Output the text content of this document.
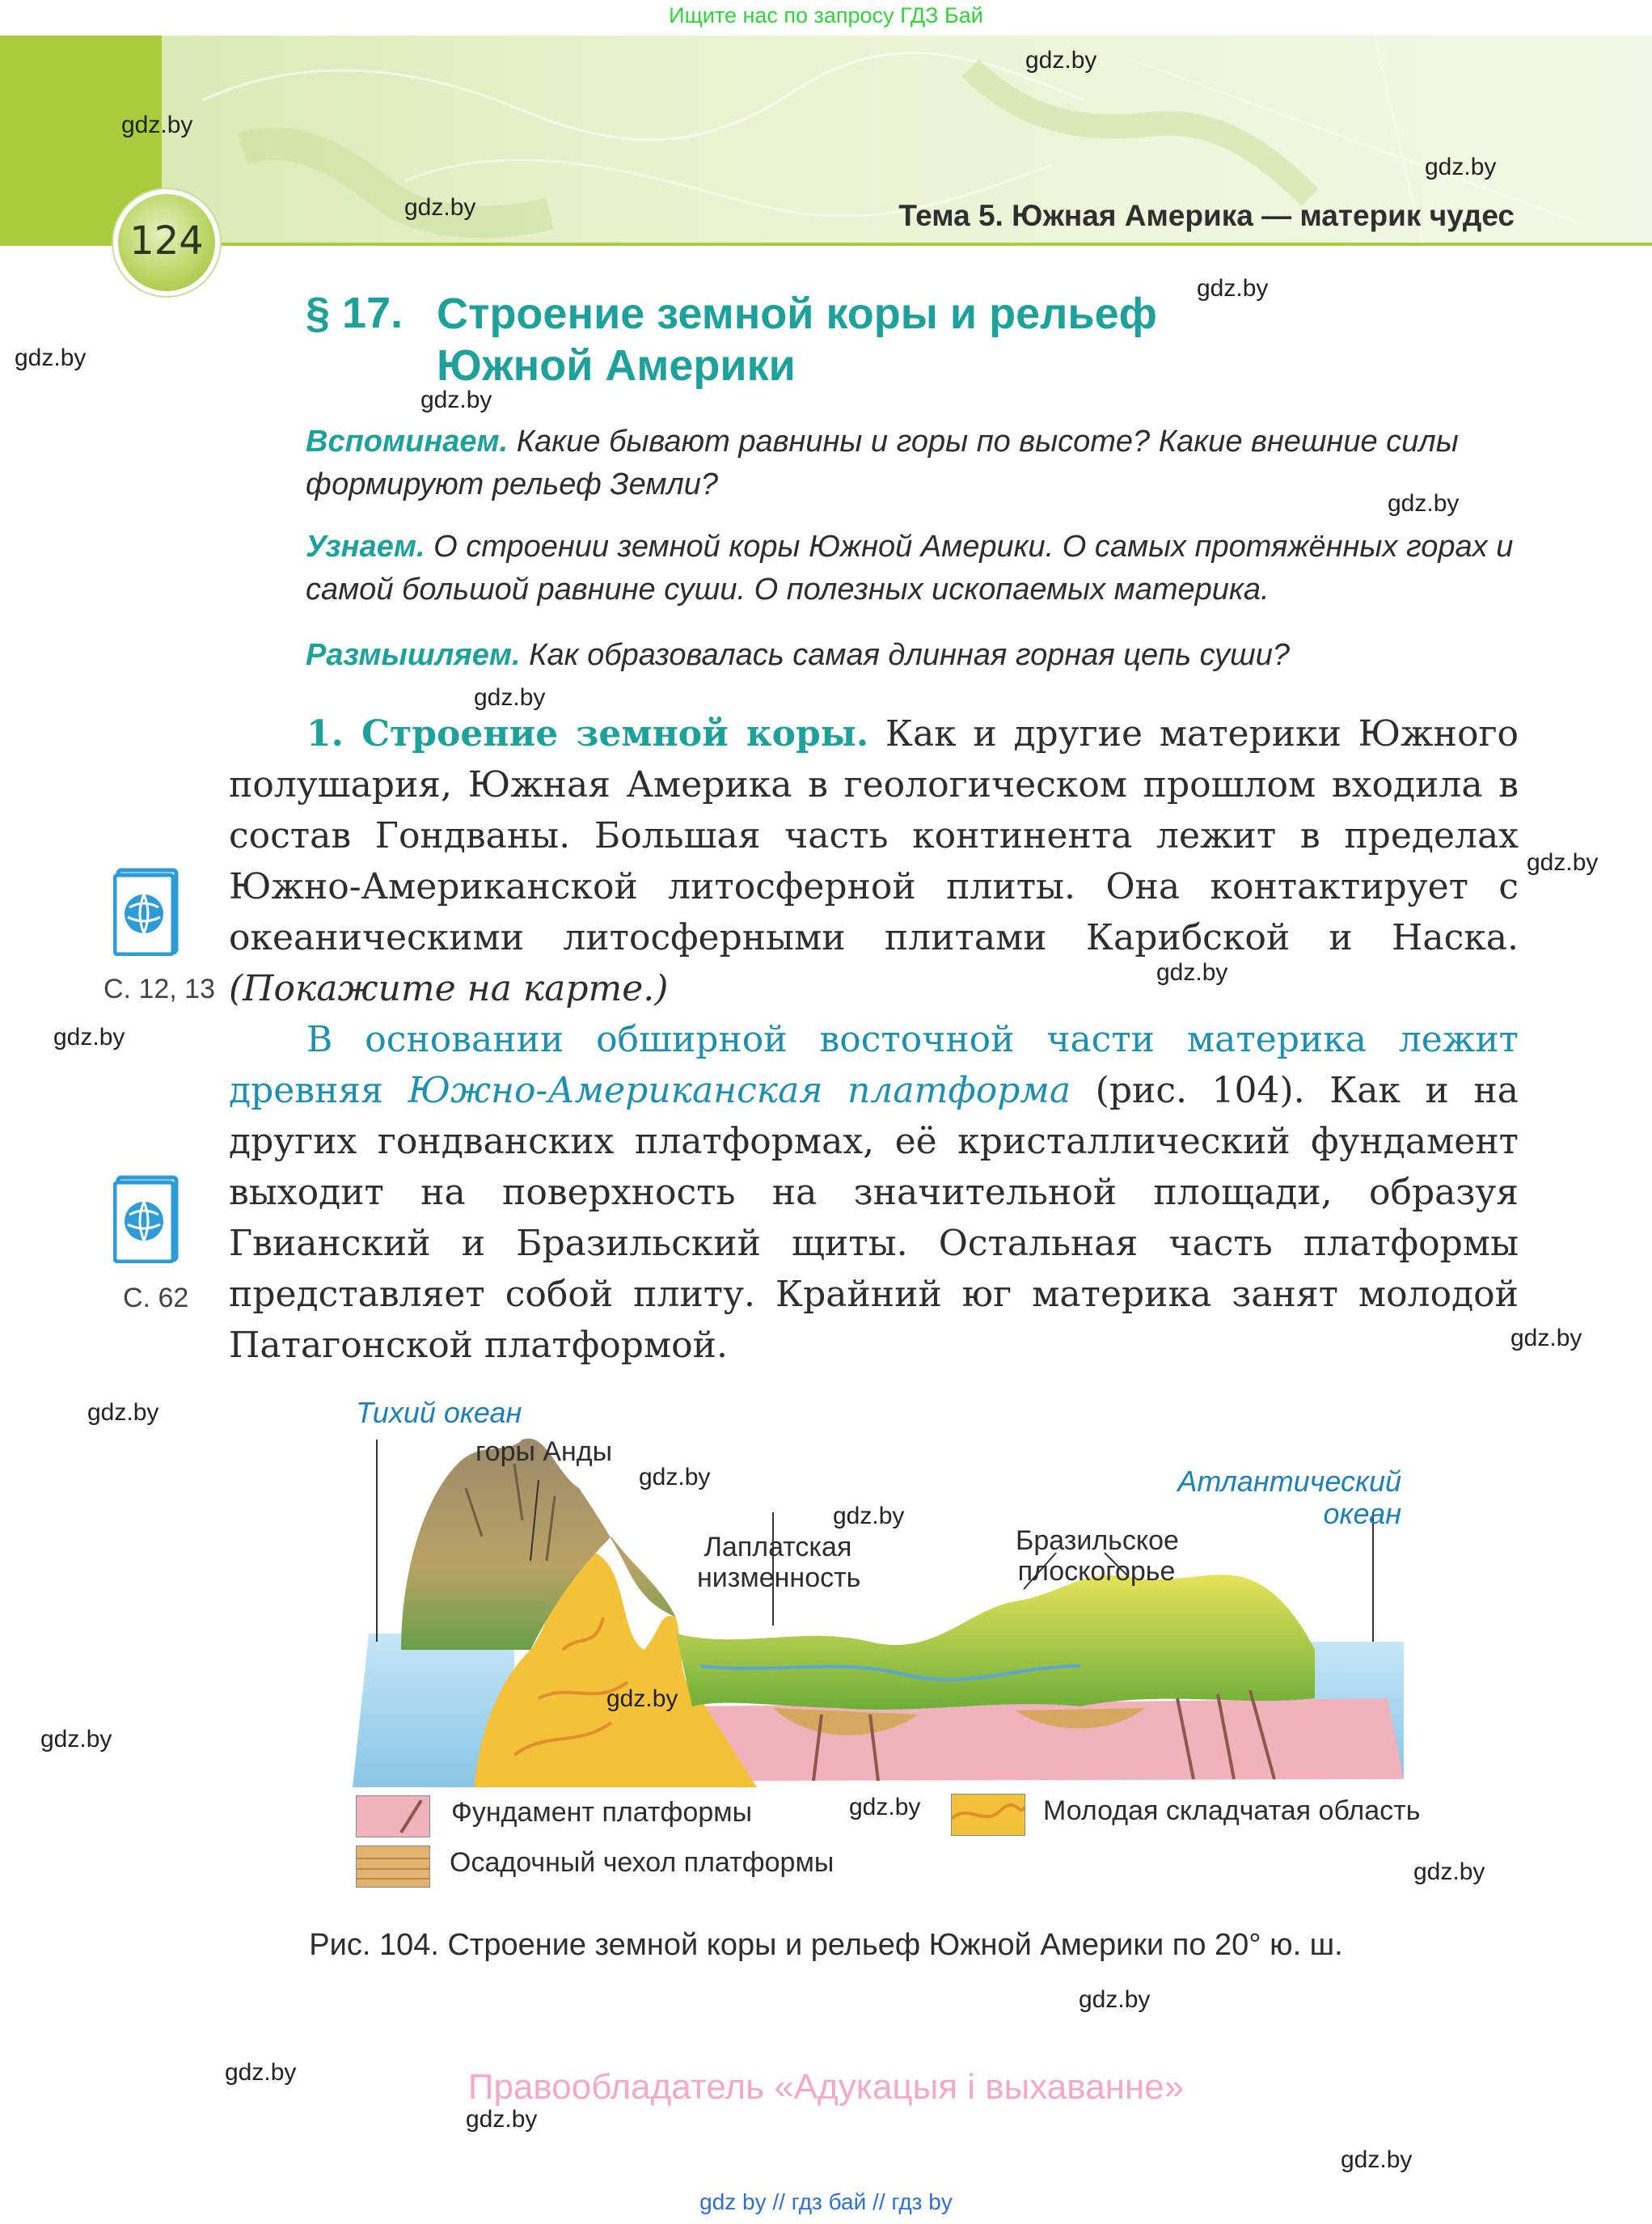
Ищите нас по запросу ГДЗ Бай
124
Тема 5. Южная Америка — материк чудес
§ 17. Строение земной коры и рельеф
Южной Америки
Вспоминаем. Какие бывают равнины и горы по высоте? Какие внешние силы формируют рельеф Земли?
Узнаем. О строении земной коры Южной Америки. О самых протяжённых горах и самой большой равнине суши. О полезных ископаемых материка.
Размышляем. Как образовалась самая длинная горная цепь суши?
1. Строение земной коры. Как и другие материки Южного полушария, Южная Америка в геологическом прошлом входила в состав Гондваны. Большая часть континента лежит в пределах Южно-Американской литосферной плиты. Она контактирует с океаническими литосферными плитами Карибской и Наска. (Покажите на карте.)
В основании обширной восточной части материка лежит древняя Южно-Американская платформа (рис. 104). Как и на других гондванских платформах, её кристаллический фундамент выходит на поверхность на значительной площади, образуя Гвианский и Бразильский щиты. Остальная часть платформы представляет собой плиту. Крайний юг материка занят молодой Патагонской платформой.
С. 12, 13
С. 62
Тихий океан
горы Анды
Атлантический
океан
Лаплатская
низменность
Бразильское
плоскогорье
Фундамент платформы	Молодая складчатая область
Осадочный чехол платформы
Рис. 104. Строение земной коры и рельеф Южной Америки по 20° ю. ш.
gdz.by
gdz.by
gdz.by
gdz.by
gdz.by
gdz.by
gdz.by
gdz.by
gdz.by
gdz.by
gdz.by
gdz.by
gdz.by
gdz.by
gdz.by
gdz.by
gdz.by
gdz.by
gdz.by
gdz.by
gdz.by
gdz.by
gdz.by
gdz.by
Правообладатель «Адукацыя і выхаванне»
gdz by // гдз бай // гдз by
